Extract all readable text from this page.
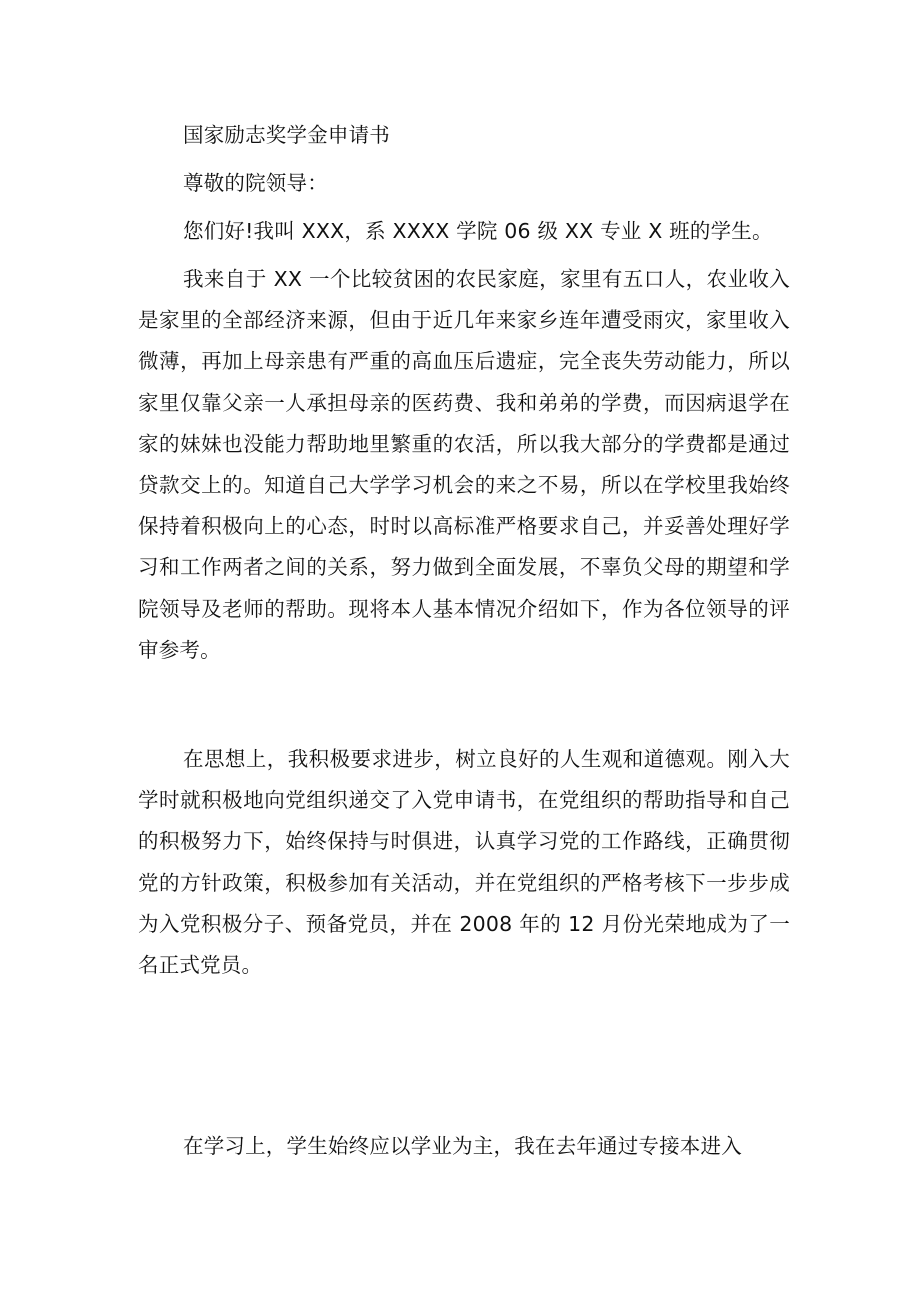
国家励志奖学金申请书

尊敬的院领导：

您们好!我叫 XXX，系 XXXX 学院 06 级 XX 专业 X 班的学生。

我来自于 XX 一个比较贫困的农民家庭，家里有五口人，农业收入是家里的全部经济来源，但由于近几年来家乡连年遭受雨灾，家里收入微薄，再加上母亲患有严重的高血压后遗症，完全丧失劳动能力，所以家里仅靠父亲一人承担母亲的医药费、我和弟弟的学费，而因病退学在家的妹妹也没能力帮助地里繁重的农活，所以我大部分的学费都是通过贷款交上的。知道自己大学学习机会的来之不易，所以在学校里我始终保持着积极向上的心态，时时以高标准严格要求自己，并妥善处理好学习和工作两者之间的关系，努力做到全面发展，不辜负父母的期望和学院领导及老师的帮助。现将本人基本情况介绍如下，作为各位领导的评审参考。

在思想上，我积极要求进步，树立良好的人生观和道德观。刚入大学时就积极地向党组织递交了入党申请书，在党组织的帮助指导和自己的积极努力下，始终保持与时俱进，认真学习党的工作路线，正确贯彻党的方针政策，积极参加有关活动，并在党组织的严格考核下一步步成为入党积极分子、预备党员，并在 2008 年的 12 月份光荣地成为了一名正式党员。

在学习上，学生始终应以学业为主，我在去年通过专接本进入
